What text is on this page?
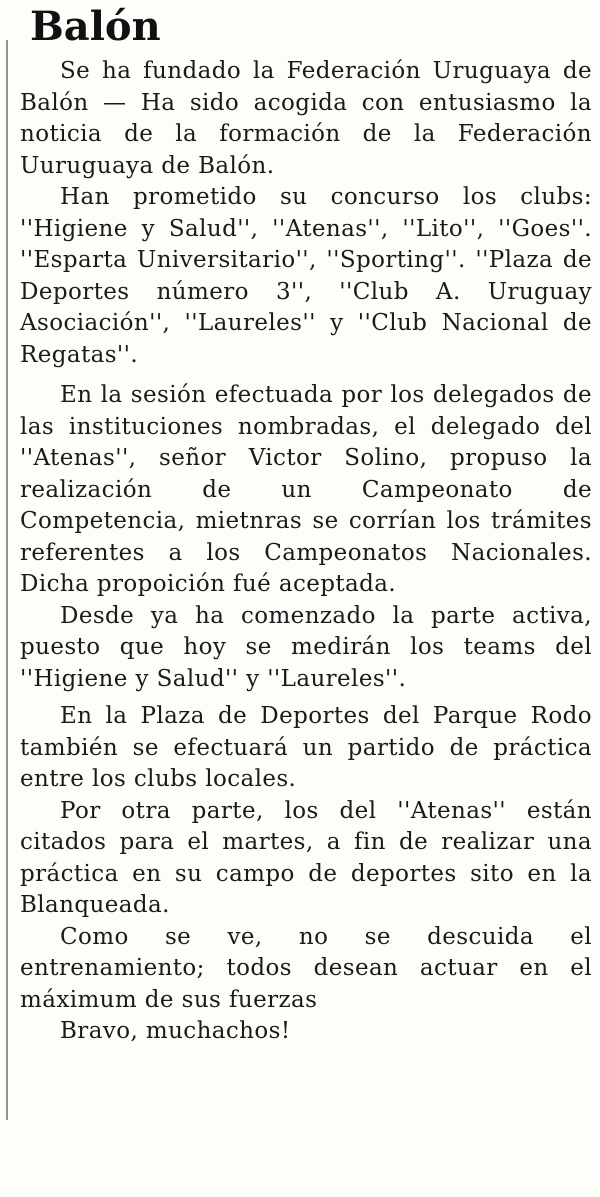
Balón

Se ha fundado la Federación Uruguaya de Balón — Ha sido acogida con entusiasmo la noticia de la formación de la Federación Uuruguaya de Balón.

Han prometido su concurso los clubs: ''Higiene y Salud'', ''Atenas'', ''Lito'', ''Goes''. ''Esparta Universitario'', ''Sporting''. ''Plaza de Deportes número 3'', ''Club A. Uruguay Asociación'', ''Laureles'' y ''Club Nacional de Regatas''.

En la sesión efectuada por los delegados de las instituciones nombradas, el delegado del ''Atenas'', señor Victor Solino, propuso la realización de un Campeonato de Competencia, mietnras se corrían los trámites referentes a los Campeonatos Nacionales. Dicha propoición fué aceptada.

Desde ya ha comenzado la parte activa, puesto que hoy se medirán los teams del ''Higiene y Salud'' y ''Laureles''.

En la Plaza de Deportes del Parque Rodo también se efectuará un partido de práctica entre los clubs locales.

Por otra parte, los del ''Atenas'' están citados para el martes, a fin de realizar una práctica en su campo de deportes sito en la Blanqueada.

Como se ve, no se descuida el entrenamiento; todos desean actuar en el máximum de sus fuerzas

Bravo, muchachos!
